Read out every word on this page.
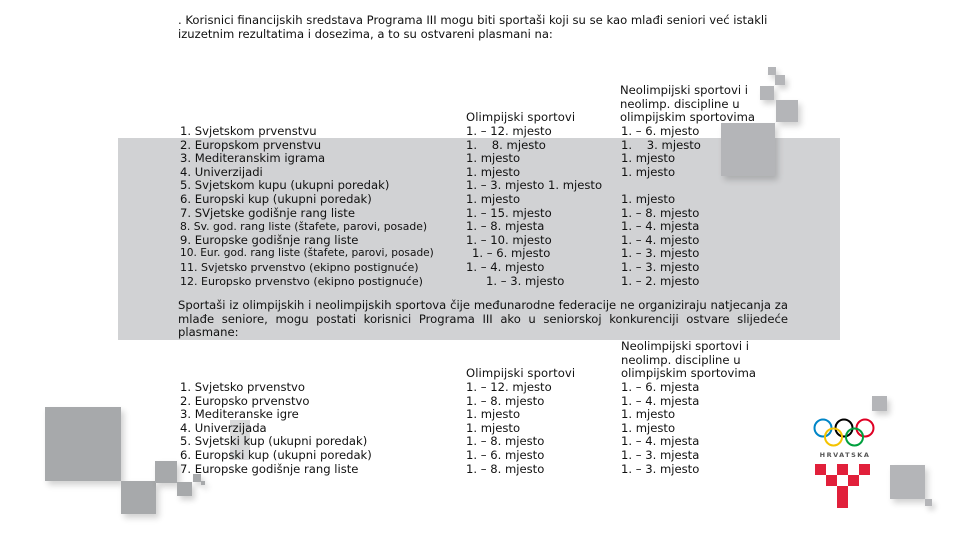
. Korisnici financijskih sredstava Programa III mogu biti sportaši koji su se kao mlađi seniori već istakli izuzetnim rezultatima i dosezima, a to su ostvareni plasmani na:
Neolimpijski sportovi i
neolimp. discipline u
olimpijskim sportovima
Olimpijski sportovi
1. Svjetskom prvenstvu
2. Europskom prvenstvu
3. Mediteranskim igrama
4. Univerzijadi
5. Svjetskom kupu (ukupni poredak)
6. Europski kup (ukupni poredak)
7. SVjetske godišnje rang liste
8. Sv. god. rang liste (štafete, parovi, posade)
9. Europske godišnje rang liste
10. Eur. god. rang liste (štafete, parovi, posade)
11. Svjetsko prvenstvo (ekipno postignuće)
12. Europsko prvenstvo (ekipno postignuće)
1. – 12. mjesto
1.    8. mjesto
1. mjesto
1. mjesto
1. – 3. mjesto 1. mjesto
1. mjesto
1. – 15. mjesto
1. – 8. mjesta
1. – 10. mjesto
1. – 6. mjesto
1. – 4. mjesto
1. – 3. mjesto
1. – 6. mjesto
1.    3. mjesto
1. mjesto
1. mjesto
1. mjesto
1. – 8. mjesto
1. – 4. mjesta
1. – 4. mjesto
1. – 3. mjesto
1. – 3. mjesto
1. – 2. mjesto
Sportaši iz olimpijskih i neolimpijskih sportova čije međunarodne federacije ne organiziraju natjecanja za mlađe seniore, mogu postati korisnici Programa III ako u seniorskoj konkurenciji ostvare slijedeće plasmane:
Neolimpijski sportovi i
neolimp. discipline u
olimpijskim sportovima
Olimpijski sportovi
1. Svjetsko prvenstvo
2. Europsko prvenstvo
3. Mediteranske igre
4. Univerzijada
5. Svjetski kup (ukupni poredak)
6. Europski kup (ukupni poredak)
7. Europske godišnje rang liste
1. – 12. mjesto
1. – 8. mjesto
1. mjesto
1. mjesto
1. – 8. mjesto
1. – 6. mjesto
1. – 8. mjesto
1. – 6. mjesta
1. – 4. mjesta
1. mjesto
1. mjesto
1. – 4. mjesta
1. – 3. mjesta
1. – 3. mjesto
HRVATSKA
